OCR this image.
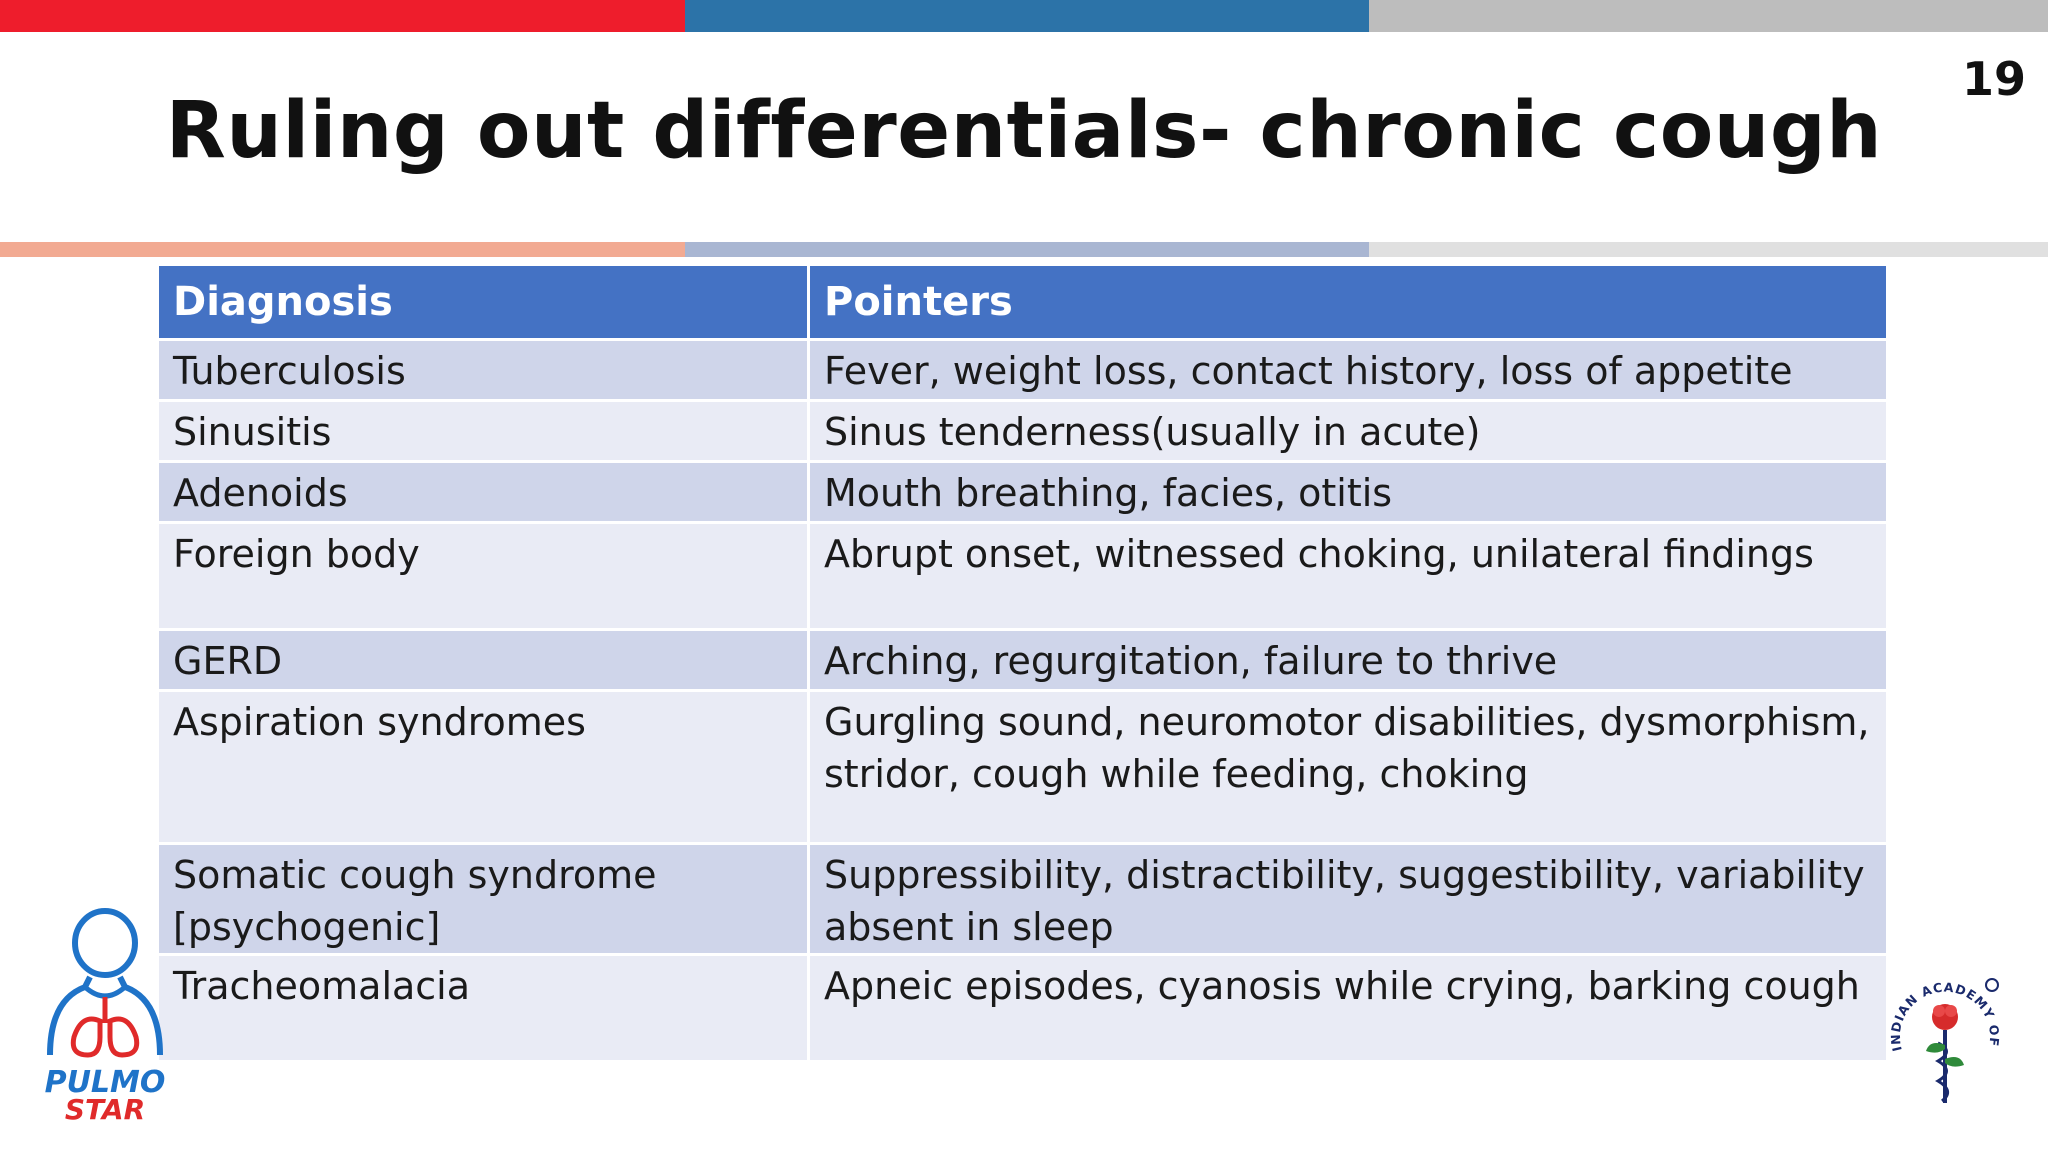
19
Ruling out differentials- chronic cough
Diagnosis	Pointers
Tuberculosis	Fever, weight loss, contact history, loss of appetite
Sinusitis	Sinus tenderness(usually in acute)
Adenoids	Mouth breathing, facies, otitis
Foreign body	Abrupt onset, witnessed choking, unilateral findings
GERD	Arching, regurgitation, failure to thrive
Aspiration syndromes	Gurgling sound, neuromotor disabilities, dysmorphism, stridor, cough while feeding, choking
Somatic cough syndrome [psychogenic]	Suppressibility, distractibility, suggestibility, variability absent in sleep
Tracheomalacia	Apneic episodes, cyanosis while crying, barking cough
PULMO
STAR
INDIAN ACADEMY OF
